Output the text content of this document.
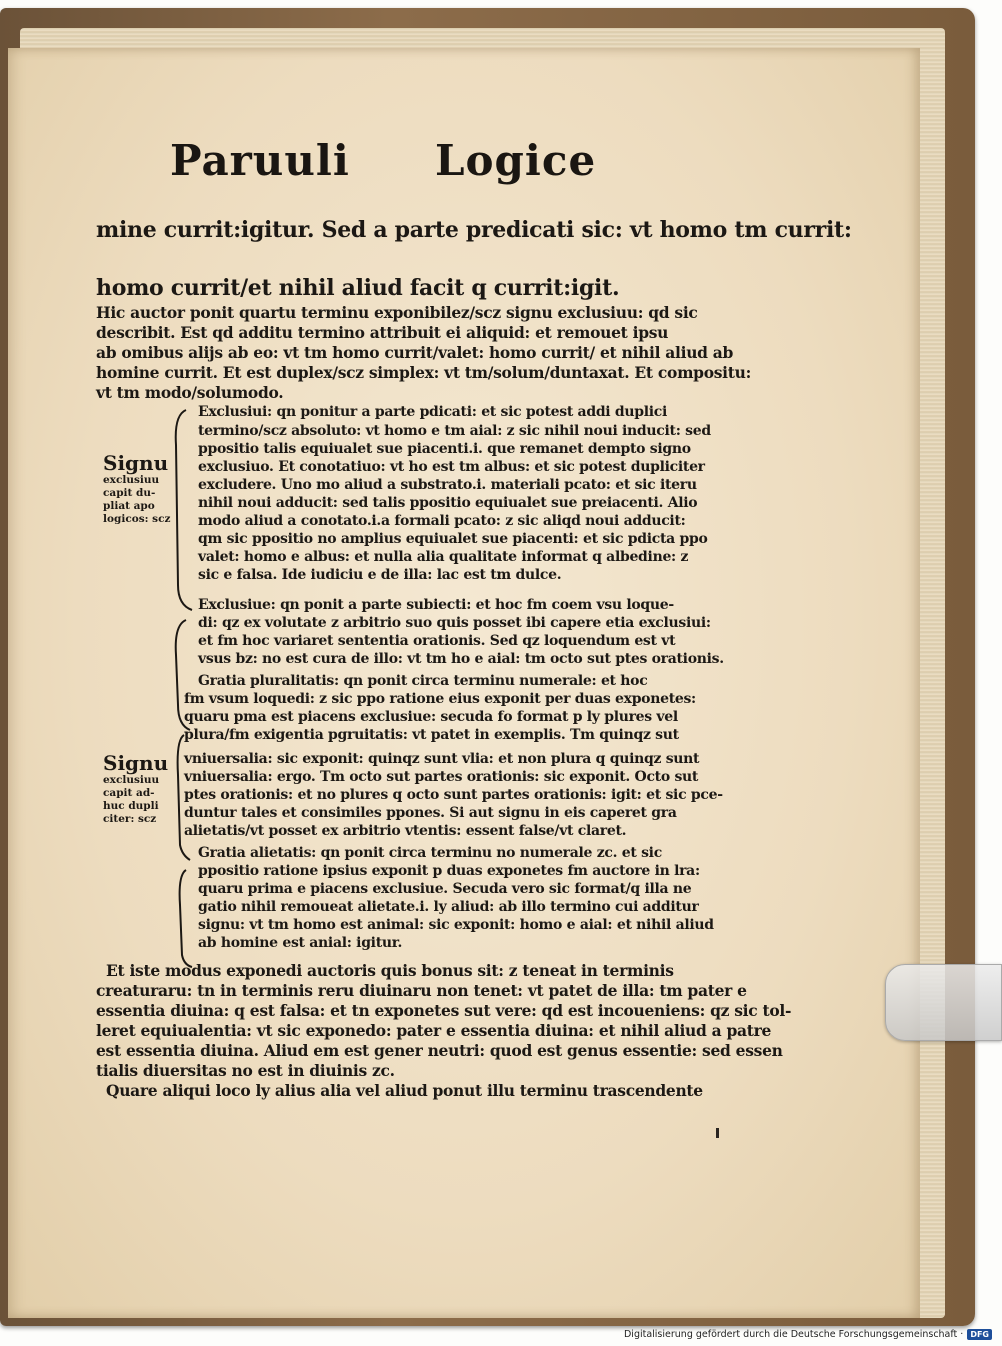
Paruuli Logice
mine currit:igitur. Sed a parte predicati sic: vt homo tm currit:
homo currit/et nihil aliud facit q currit:igit.
Hic auctor ponit quartu terminu exponibilez/scz signu exclusiuu: qd sic
describit. Est qd additu termino attribuit ei aliquid: et remouet ipsu
ab omibus alijs ab eo: vt tm homo currit/valet: homo currit/ et nihil aliud ab
homine currit. Et est duplex/scz simplex: vt tm/solum/duntaxat. Et compositu:
vt tm modo/solumodo.
Exclusiui: qn ponitur a parte pdicati: et sic potest addi duplici
termino/scz absoluto: vt homo e tm aial: z sic nihil noui inducit: sed
ppositio talis equiualet sue piacenti.i. que remanet dempto signo
exclusiuo. Et conotatiuo: vt ho est tm albus: et sic potest dupliciter
excludere. Uno mo aliud a substrato.i. materiali pcato: et sic iteru
nihil noui adducit: sed talis ppositio equiualet sue preiacenti. Alio
modo aliud a conotato.i.a formali pcato: z sic aliqd noui adducit:
qm sic ppositio no amplius equiualet sue piacenti: et sic pdicta ppo
valet: homo e albus: et nulla alia qualitate informat q albedine: z
sic e falsa. Ide iudiciu e de illa: lac est tm dulce.
Exclusiue: qn ponit a parte subiecti: et hoc fm coem vsu loque-
di: qz ex volutate z arbitrio suo quis posset ibi capere etia exclusiui:
et fm hoc variaret sententia orationis. Sed qz loquendum est vt
vsus bz: no est cura de illo: vt tm ho e aial: tm octo sut ptes orationis.
Gratia pluralitatis: qn ponit circa terminu numerale: et hoc
fm vsum loquedi: z sic ppo ratione eius exponit per duas exponetes:
quaru pma est piacens exclusiue: secuda fo format p ly plures vel
plura/fm exigentia pgruitatis: vt patet in exemplis. Tm quinqz sut
vniuersalia: sic exponit: quinqz sunt vlia: et non plura q quinqz sunt
vniuersalia: ergo. Tm octo sut partes orationis: sic exponit. Octo sut
ptes orationis: et no plures q octo sunt partes orationis: igit: et sic pce-
duntur tales et consimiles ppones. Si aut signu in eis caperet gra
alietatis/vt posset ex arbitrio vtentis: essent false/vt claret.
Gratia alietatis: qn ponit circa terminu no numerale zc. et sic
ppositio ratione ipsius exponit p duas exponetes fm auctore in lra:
quaru prima e piacens exclusiue. Secuda vero sic format/q illa ne
gatio nihil remoueat alietate.i. ly aliud: ab illo termino cui additur
signu: vt tm homo est animal: sic exponit: homo e aial: et nihil aliud
ab homine est anial: igitur.
Et iste modus exponedi auctoris quis bonus sit: z teneat in terminis
creaturaru: tn in terminis reru diuinaru non tenet: vt patet de illa: tm pater e
essentia diuina: q est falsa: et tn exponetes sut vere: qd est incoueniens: qz sic tol-
leret equiualentia: vt sic exponedo: pater e essentia diuina: et nihil aliud a patre
est essentia diuina. Aliud em est gener neutri: quod est genus essentie: sed essen
tialis diuersitas no est in diuinis zc.
Quare aliqui loco ly alius alia vel aliud ponut illu terminu trascendente
Signu
exclusiuu capit du- pliat apo logicos: scz
Signu
exclusiuu capit ad- huc dupli citer: scz
Digitalisierung gefördert durch die Deutsche Forschungsgemeinschaft · DFG
